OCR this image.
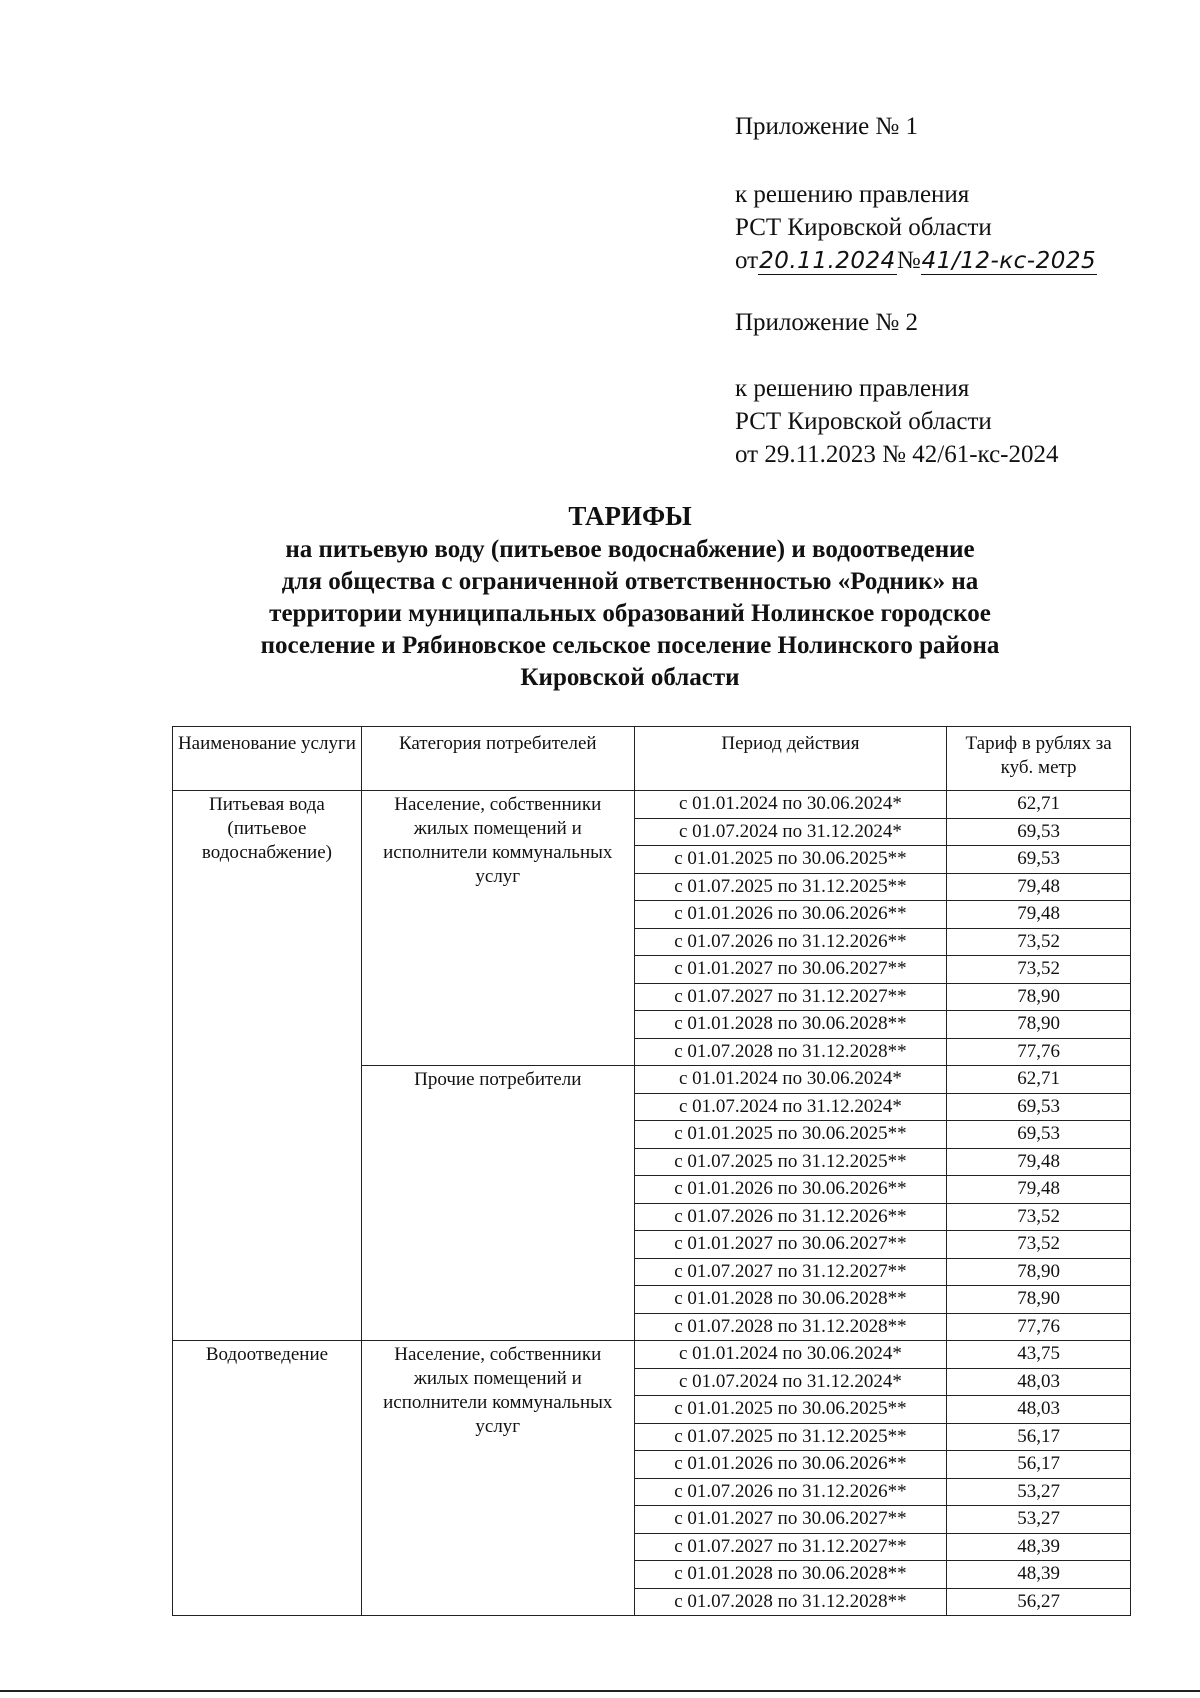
Приложение № 1
к решению правления
РСТ Кировской области
от20.11.2024№41/12-кс-2025
Приложение № 2
к решению правления
РСТ Кировской области
от 29.11.2023 № 42/61-кс-2024
ТАРИФЫ
на питьевую воду (питьевое водоснабжение) и водоотведение
для общества с ограниченной ответственностью «Родник» на
территории муниципальных образований Нолинское городское
поселение и Рябиновское сельское поселение Нолинского района
Кировской области
Наименование услуги	Категория потребителей	Период действия	Тариф в рублях за куб. метр
Питьевая вода (питьевое водоснабжение)	Население, собственники жилых помещений и исполнители коммунальных услуг	с 01.01.2024 по 30.06.2024*	62,71
		с 01.07.2024 по 31.12.2024*	69,53
		с 01.01.2025 по 30.06.2025**	69,53
		с 01.07.2025 по 31.12.2025**	79,48
		с 01.01.2026 по 30.06.2026**	79,48
		с 01.07.2026 по 31.12.2026**	73,52
		с 01.01.2027 по 30.06.2027**	73,52
		с 01.07.2027 по 31.12.2027**	78,90
		с 01.01.2028 по 30.06.2028**	78,90
		с 01.07.2028 по 31.12.2028**	77,76
	Прочие потребители	с 01.01.2024 по 30.06.2024*	62,71
		с 01.07.2024 по 31.12.2024*	69,53
		с 01.01.2025 по 30.06.2025**	69,53
		с 01.07.2025 по 31.12.2025**	79,48
		с 01.01.2026 по 30.06.2026**	79,48
		с 01.07.2026 по 31.12.2026**	73,52
		с 01.01.2027 по 30.06.2027**	73,52
		с 01.07.2027 по 31.12.2027**	78,90
		с 01.01.2028 по 30.06.2028**	78,90
		с 01.07.2028 по 31.12.2028**	77,76
Водоотведение	Население, собственники жилых помещений и исполнители коммунальных услуг	с 01.01.2024 по 30.06.2024*	43,75
		с 01.07.2024 по 31.12.2024*	48,03
		с 01.01.2025 по 30.06.2025**	48,03
		с 01.07.2025 по 31.12.2025**	56,17
		с 01.01.2026 по 30.06.2026**	56,17
		с 01.07.2026 по 31.12.2026**	53,27
		с 01.01.2027 по 30.06.2027**	53,27
		с 01.07.2027 по 31.12.2027**	48,39
		с 01.01.2028 по 30.06.2028**	48,39
		с 01.07.2028 по 31.12.2028**	56,27
